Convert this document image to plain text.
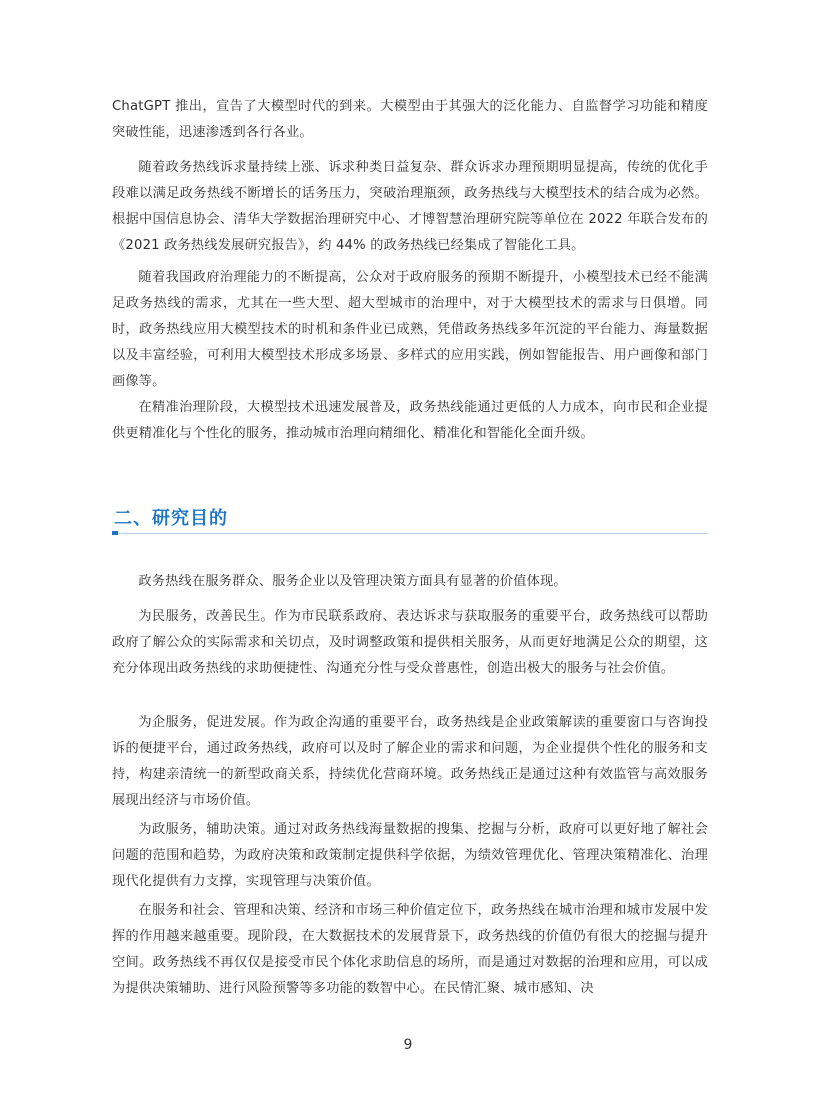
ChatGPT 推出，宣告了大模型时代的到来。大模型由于其强大的泛化能力、自监督学习功能和精度突破性能，迅速渗透到各行各业。

随着政务热线诉求量持续上涨、诉求种类日益复杂、群众诉求办理预期明显提高，传统的优化手段难以满足政务热线不断增长的话务压力，突破治理瓶颈，政务热线与大模型技术的结合成为必然。根据中国信息协会、清华大学数据治理研究中心、才博智慧治理研究院等单位在 2022 年联合发布的《2021 政务热线发展研究报告》，约 44% 的政务热线已经集成了智能化工具。

随着我国政府治理能力的不断提高，公众对于政府服务的预期不断提升，小模型技术已经不能满足政务热线的需求，尤其在一些大型、超大型城市的治理中，对于大模型技术的需求与日俱增。同时，政务热线应用大模型技术的时机和条件业已成熟，凭借政务热线多年沉淀的平台能力、海量数据以及丰富经验，可利用大模型技术形成多场景、多样式的应用实践，例如智能报告、用户画像和部门画像等。

在精准治理阶段，大模型技术迅速发展普及，政务热线能通过更低的人力成本，向市民和企业提供更精准化与个性化的服务，推动城市治理向精细化、精准化和智能化全面升级。

二、研究目的

政务热线在服务群众、服务企业以及管理决策方面具有显著的价值体现。

为民服务，改善民生。作为市民联系政府、表达诉求与获取服务的重要平台，政务热线可以帮助政府了解公众的实际需求和关切点，及时调整政策和提供相关服务，从而更好地满足公众的期望，这充分体现出政务热线的求助便捷性、沟通充分性与受众普惠性，创造出极大的服务与社会价值。

为企服务，促进发展。作为政企沟通的重要平台，政务热线是企业政策解读的重要窗口与咨询投诉的便捷平台，通过政务热线，政府可以及时了解企业的需求和问题，为企业提供个性化的服务和支持，构建亲清统一的新型政商关系，持续优化营商环境。政务热线正是通过这种有效监管与高效服务展现出经济与市场价值。

为政服务，辅助决策。通过对政务热线海量数据的搜集、挖掘与分析，政府可以更好地了解社会问题的范围和趋势，为政府决策和政策制定提供科学依据，为绩效管理优化、管理决策精准化、治理现代化提供有力支撑，实现管理与决策价值。

在服务和社会、管理和决策、经济和市场三种价值定位下，政务热线在城市治理和城市发展中发挥的作用越来越重要。现阶段，在大数据技术的发展背景下，政务热线的价值仍有很大的挖掘与提升空间。政务热线不再仅仅是接受市民个体化求助信息的场所，而是通过对数据的治理和应用，可以成为提供决策辅助、进行风险预警等多功能的数智中心。在民情汇聚、城市感知、决

9
